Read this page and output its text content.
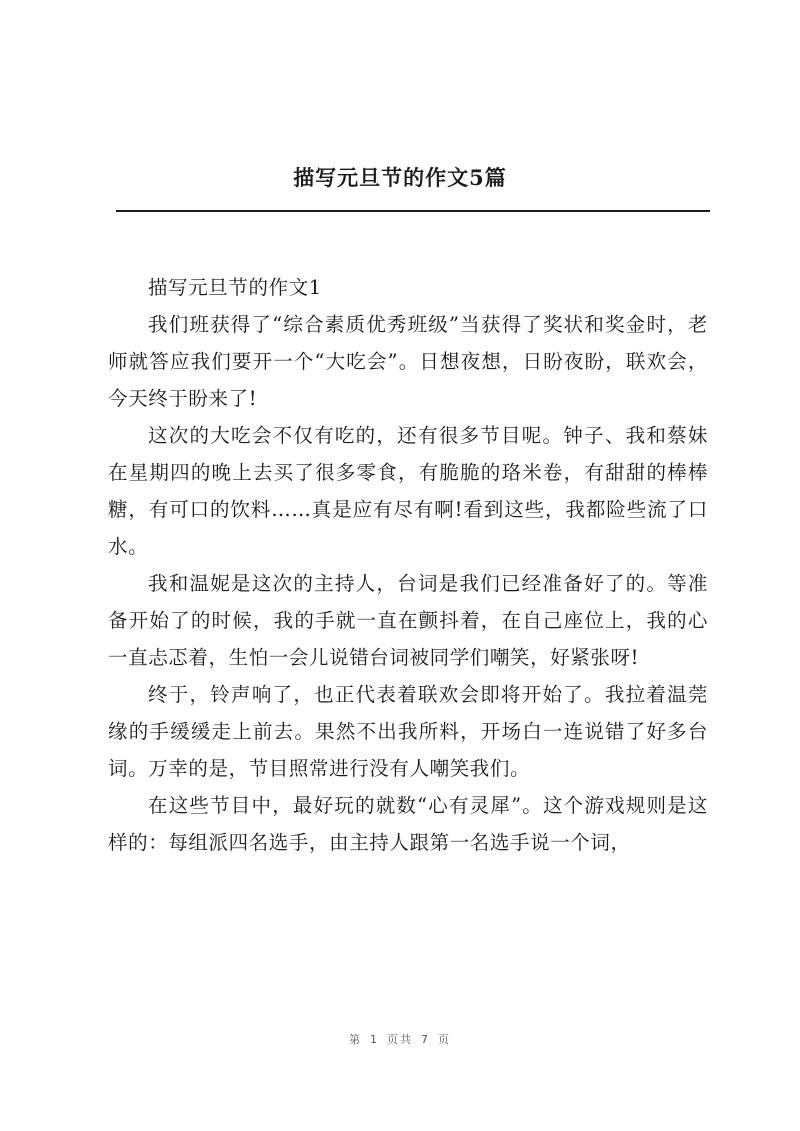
描写元旦节的作文5篇

描写元旦节的作文1

我们班获得了“综合素质优秀班级”当获得了奖状和奖金时，老师就答应我们要开一个“大吃会”。日想夜想，日盼夜盼，联欢会，今天终于盼来了!

这次的大吃会不仅有吃的，还有很多节目呢。钟子、我和蔡妹在星期四的晚上去买了很多零食，有脆脆的珞米卷，有甜甜的棒棒糖，有可口的饮料……真是应有尽有啊!看到这些，我都险些流了口水。

我和温妮是这次的主持人，台词是我们已经准备好了的。等准备开始了的时候，我的手就一直在颤抖着，在自己座位上，我的心一直忐忑着，生怕一会儿说错台词被同学们嘲笑，好紧张呀!

终于，铃声响了，也正代表着联欢会即将开始了。我拉着温莞缘的手缓缓走上前去。果然不出我所料，开场白一连说错了好多台词。万幸的是，节目照常进行没有人嘲笑我们。

在这些节目中，最好玩的就数“心有灵犀”。这个游戏规则是这样的：每组派四名选手，由主持人跟第一名选手说一个词，

第 1 页共 7 页
